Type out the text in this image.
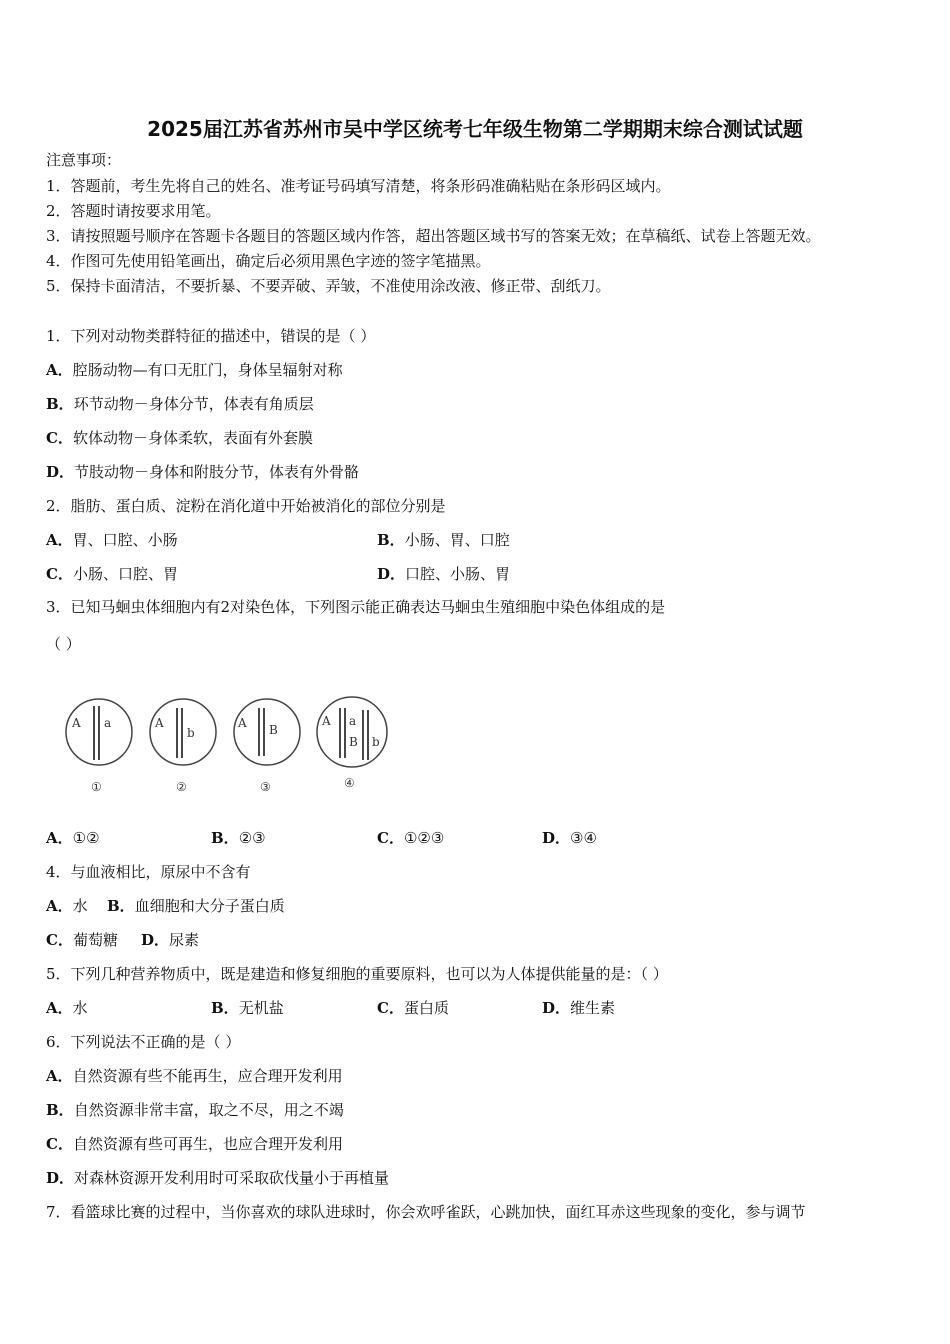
2025届江苏省苏州市吴中学区统考七年级生物第二学期期末综合测试试题
注意事项：
1．答题前，考生先将自己的姓名、准考证号码填写清楚，将条形码准确粘贴在条形码区域内。
2．答题时请按要求用笔。
3．请按照题号顺序在答题卡各题目的答题区域内作答，超出答题区域书写的答案无效；在草稿纸、试卷上答题无效。
4．作图可先使用铅笔画出，确定后必须用黑色字迹的签字笔描黑。
5．保持卡面清洁，不要折暴、不要弄破、弄皱，不准使用涂改液、修正带、刮纸刀。
1．下列对动物类群特征的描述中，错误的是（ ）
A．腔肠动物—有口无肛门，身体呈辐射对称
B．环节动物－身体分节，体表有角质层
C．软体动物－身体柔软，表面有外套膜
D．节肢动物－身体和附肢分节，体表有外骨骼
2．脂肪、蛋白质、淀粉在消化道中开始被消化的部位分别是
A．胃、口腔、小肠	B．小肠、胃、口腔
C．小肠、口腔、胃	D．口腔、小肠、胃
3．已知马蛔虫体细胞内有2对染色体，下列图示能正确表达马蛔虫生殖细胞中染色体组成的是
（ ）
A a
①
A
b
②
A B
③
A a
B b
④
A．①②	B．②③	C．①②③	D．③④
4．与血液相比，原尿中不含有
A．水 B．血细胞和大分子蛋白质
C．葡萄糖 D．尿素
5．下列几种营养物质中，既是建造和修复细胞的重要原料，也可以为人体提供能量的是：（ ）
A．水	B．无机盐	C．蛋白质	D．维生素
6．下列说法不正确的是（ ）
A．自然资源有些不能再生，应合理开发利用
B．自然资源非常丰富，取之不尽，用之不竭
C．自然资源有些可再生，也应合理开发利用
D．对森林资源开发利用时可采取砍伐量小于再植量
7．看篮球比赛的过程中，当你喜欢的球队进球时，你会欢呼雀跃，心跳加快，面红耳赤这些现象的变化，参与调节
